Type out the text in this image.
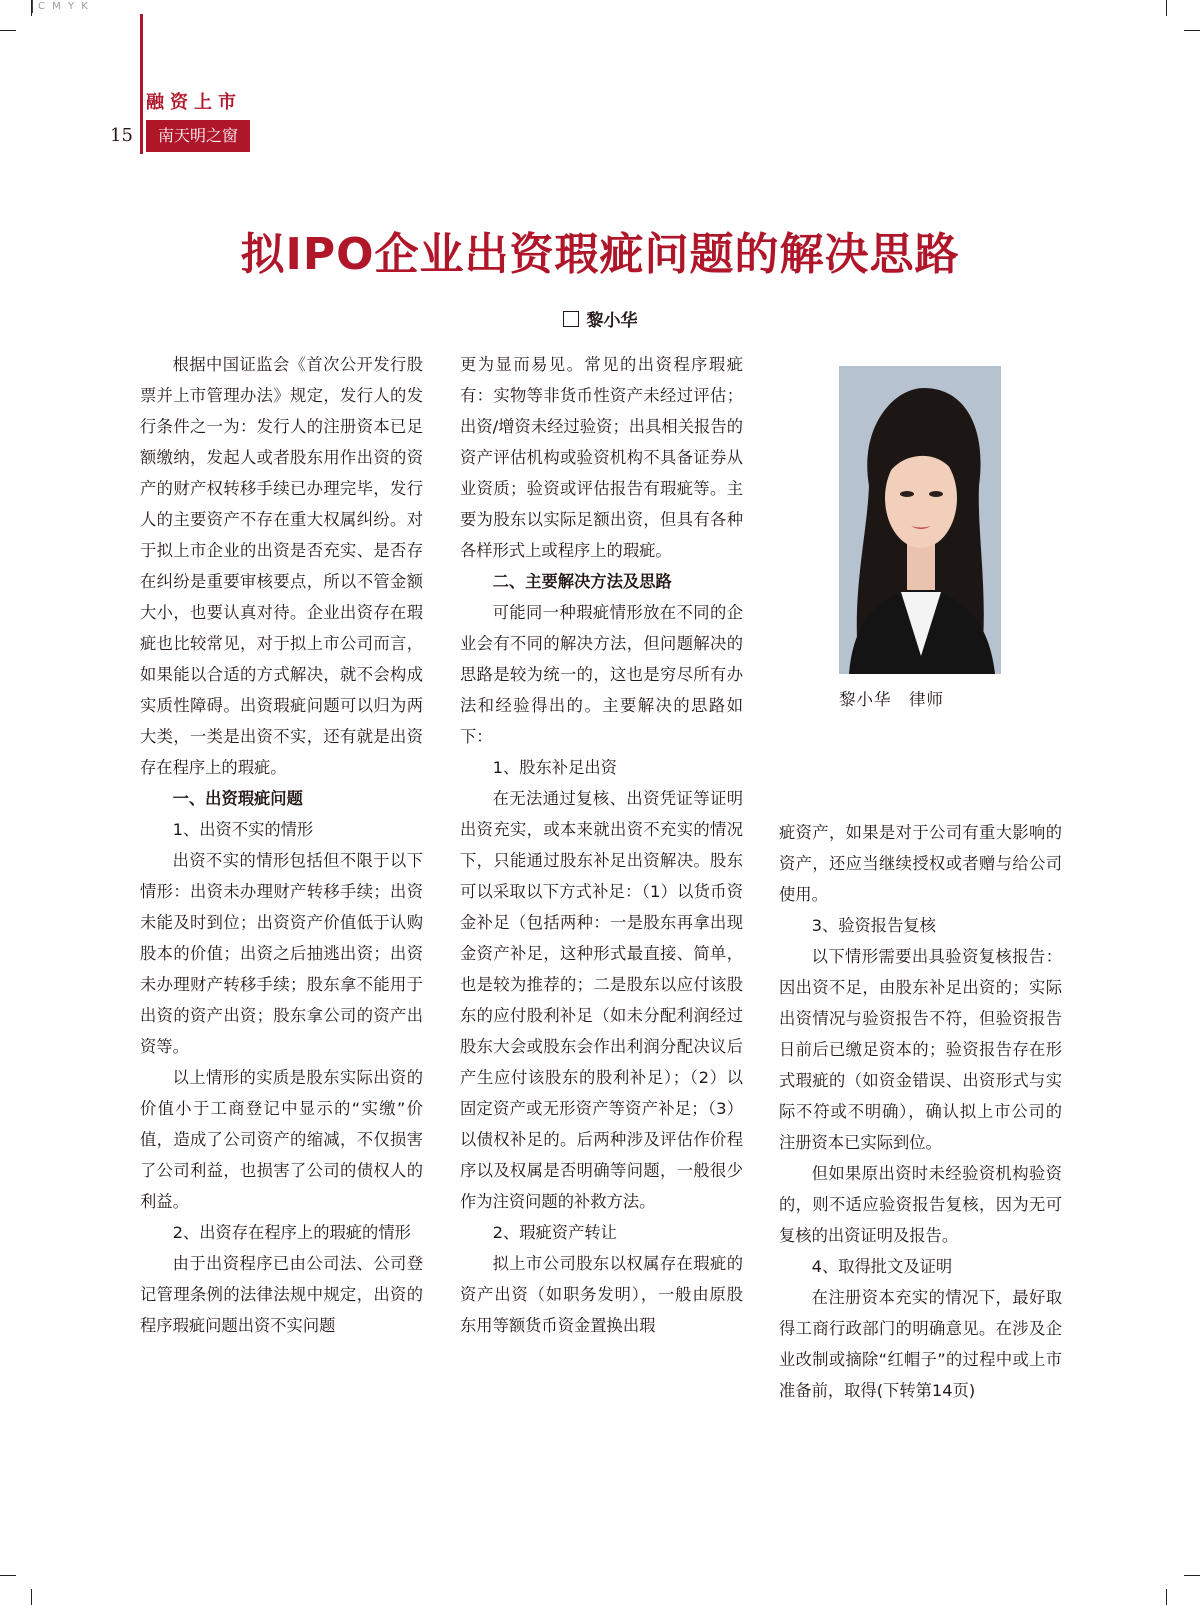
C M Y K
融资上市
15	南天明之窗
拟IPO企业出资瑕疵问题的解决思路
黎小华

根据中国证监会《首次公开发行股票并上市管理办法》规定，发行人的发行条件之一为：发行人的注册资本已足额缴纳，发起人或者股东用作出资的资产的财产权转移手续已办理完毕，发行人的主要资产不存在重大权属纠纷。对于拟上市企业的出资是否充实、是否存在纠纷是重要审核要点，所以不管金额大小，也要认真对待。企业出资存在瑕疵也比较常见，对于拟上市公司而言，如果能以合适的方式解决，就不会构成实质性障碍。出资瑕疵问题可以归为两大类，一类是出资不实，还有就是出资存在程序上的瑕疵。

一、出资瑕疵问题

1、出资不实的情形

出资不实的情形包括但不限于以下情形：出资未办理财产转移手续；出资未能及时到位；出资资产价值低于认购股本的价值；出资之后抽逃出资；出资未办理财产转移手续；股东拿不能用于出资的资产出资；股东拿公司的资产出资等。

以上情形的实质是股东实际出资的价值小于工商登记中显示的“实缴”价值，造成了公司资产的缩减，不仅损害了公司利益，也损害了公司的债权人的利益。

2、出资存在程序上的瑕疵的情形

由于出资程序已由公司法、公司登记管理条例的法律法规中规定，出资的程序瑕疵问题出资不实问题

更为显而易见。常见的出资程序瑕疵有：实物等非货币性资产未经过评估；出资/增资未经过验资；出具相关报告的资产评估机构或验资机构不具备证券从业资质；验资或评估报告有瑕疵等。主要为股东以实际足额出资，但具有各种各样形式上或程序上的瑕疵。

二、主要解决方法及思路

可能同一种瑕疵情形放在不同的企业会有不同的解决方法，但问题解决的思路是较为统一的，这也是穷尽所有办法和经验得出的。主要解决的思路如下：

1、股东补足出资

在无法通过复核、出资凭证等证明出资充实，或本来就出资不充实的情况下，只能通过股东补足出资解决。股东可以采取以下方式补足：（1）以货币资金补足（包括两种：一是股东再拿出现金资产补足，这种形式最直接、简单，也是较为推荐的；二是股东以应付该股东的应付股利补足（如未分配利润经过股东大会或股东会作出利润分配决议后产生应付该股东的股利补足）；（2）以固定资产或无形资产等资产补足；（3）以债权补足的。后两种涉及评估作价程序以及权属是否明确等问题，一般很少作为注资问题的补救方法。

2、瑕疵资产转让

拟上市公司股东以权属存在瑕疵的资产出资（如职务发明），一般由原股东用等额货币资金置换出瑕

疵资产，如果是对于公司有重大影响的资产，还应当继续授权或者赠与给公司使用。

3、验资报告复核

以下情形需要出具验资复核报告：因出资不足，由股东补足出资的；实际出资情况与验资报告不符，但验资报告日前后已缴足资本的；验资报告存在形式瑕疵的（如资金错误、出资形式与实际不符或不明确），确认拟上市公司的注册资本已实际到位。

但如果原出资时未经验资机构验资的，则不适应验资报告复核，因为无可复核的出资证明及报告。

4、取得批文及证明

在注册资本充实的情况下，最好取得工商行政部门的明确意见。在涉及企业改制或摘除“红帽子”的过程中或上市准备前，取得(下转第14页)

黎小华　律师
